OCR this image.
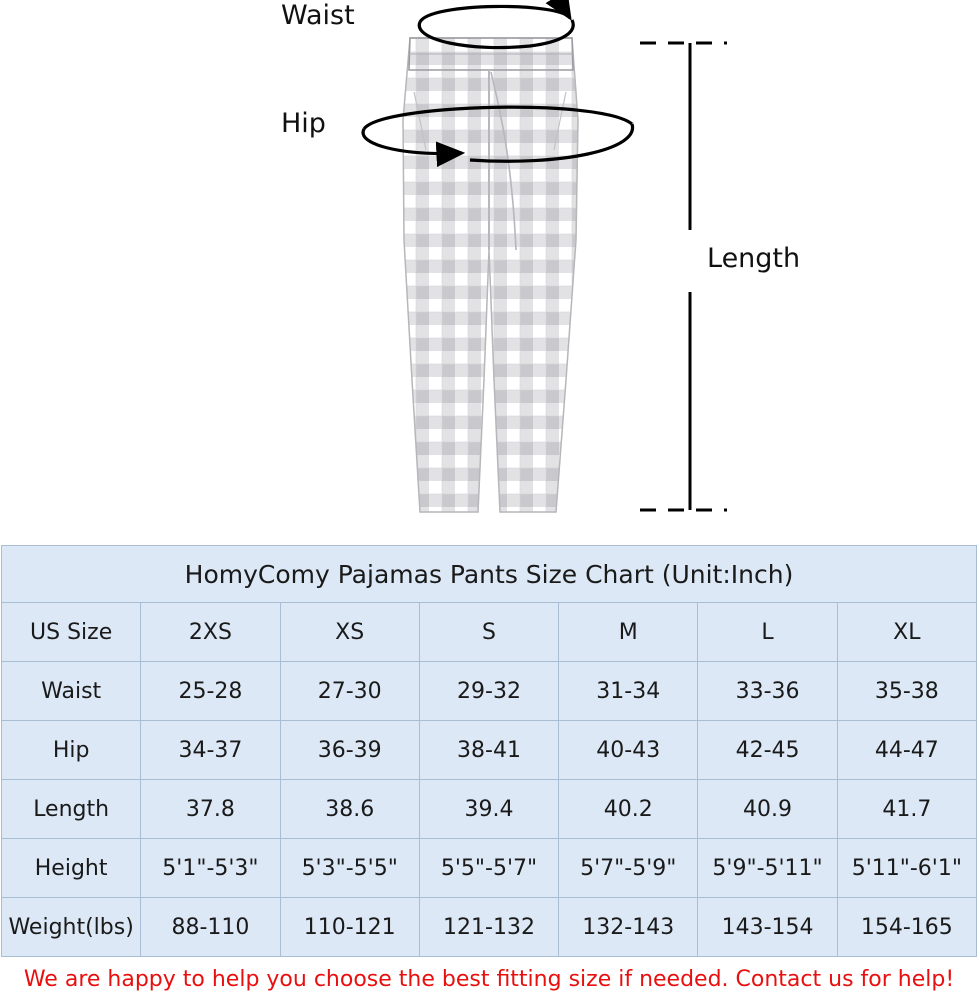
Waist
Hip
Length
HomyComy Pajamas Pants Size Chart (Unit:Inch)						
US Size	2XS	XS	S	M	L	XL
Waist	25-28	27-30	29-32	31-34	33-36	35-38
Hip	34-37	36-39	38-41	40-43	42-45	44-47
Length	37.8	38.6	39.4	40.2	40.9	41.7
Height	5'1"-5'3"	5'3"-5'5"	5'5"-5'7"	5'7"-5'9"	5'9"-5'11"	5'11"-6'1"
Weight(lbs)	88-110	110-121	121-132	132-143	143-154	154-165
We are happy to help you choose the best fitting size if needed. Contact us for help!
